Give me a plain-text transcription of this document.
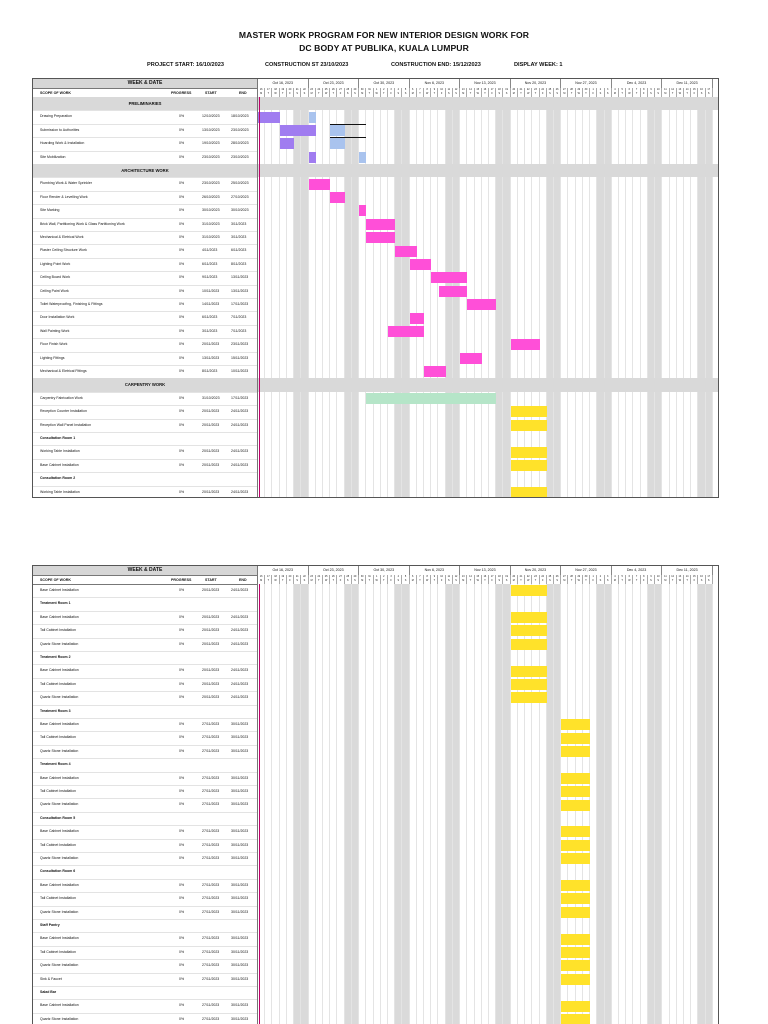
MASTER WORK PROGRAM FOR NEW INTERIOR DESIGN WORK FOR
DC BODY AT PUBLIKA, KUALA LUMPUR
PROJECT START: 16/10/2023	CONSTRUCTION ST 23/10/2023	CONSTRUCTION END: 15/12/2023	DISPLAY WEEK: 1
WEEK & DATE
SCOPE OF WORK	PROGRESS	START	END
PRELIMINARIES
Drawing Preparation	0%	12/10/2023	18/10/2023
Submission to Authorities	0%	13/10/2023	23/10/2023
Hoarding Work & Installation	0%	19/10/2023	28/10/2023
Site Mobilization	0%	23/10/2023	23/10/2023
ARCHITECTURE WORK
Plumbing Work & Water Sprinkler	0%	23/10/2023	25/10/2023
Floor Render & Levelling Work	0%	26/10/2023	27/10/2023
Site Marking	0%	30/10/2023	30/10/2023
Brick Wall, Partitioning Work & Glass Partitioning Work	0%	31/10/2023	3/11/2023
Mechanical & Eletrical Work	0%	31/10/2023	3/11/2023
Plaster Ceiling Structure Work	0%	4/11/2023	6/11/2023
Lighting Point Work	0%	6/11/2023	8/11/2023
Ceiling Board Work	0%	9/11/2023	13/11/2023
Ceiling Paint Work	0%	10/11/2023	13/11/2023
Toilet Waterproofing, Finishing & Fittings	0%	14/11/2023	17/11/2023
Door Installation Work	0%	6/11/2023	7/11/2023
Wall Painting Work	0%	3/11/2023	7/11/2023
Floor Finish Work	0%	20/11/2023	23/11/2023
Lighting Fittings	0%	13/11/2023	15/11/2023
Mechanical & Eletrical Fittings	0%	8/11/2023	10/11/2023
CARPENTRY WORK
Carpentry Fabrication Work	0%	31/10/2023	17/11/2023
Reception Counter Installation	0%	20/11/2023	24/11/2023
Reception Wall Panel Installation	0%	20/11/2023	24/11/2023
Consultation Room 1
Working Table Installation	0%	20/11/2023	24/11/2023
Base Cabinet Installation	0%	20/11/2023	24/11/2023
Consultation Room 2
Working Table Installation	0%	20/11/2023	24/11/2023
Oct 16, 2023	Oct 23, 2023	Oct 30, 2023	Nov 6, 2023	Nov 13, 2023	Nov 20, 2023	Nov 27, 2023	Dec 4, 2023	Dec 11, 2023
16
M
17
T
18
W
19
T
20
F
21
S
22
S
23
M
24
T
25
W
26
T
27
F
28
S
29
S
30
M
31
T
1
W
2
T
3
F
4
S
5
S
6
M
7
T
8
W
9
T
10
F
11
S
12
S
13
M
14
T
15
W
16
T
17
F
18
S
19
S
20
M
21
T
22
W
23
T
24
F
25
S
26
S
27
M
28
T
29
W
30
T
1
F
2
S
3
S
4
M
5
T
6
W
7
T
8
F
9
S
10
S
11
M
12
T
13
W
14
T
15
F
16
S
17
S
WEEK & DATE
SCOPE OF WORK	PROGRESS	START	END
Base Cabinet Installation	0%	20/11/2023	24/11/2023
Treatment Room 1
Base Cabinet Installation	0%	20/11/2023	24/11/2023
Tall Cabinet Installation	0%	20/11/2023	24/11/2023
Quartz Stone Installation	0%	20/11/2023	24/11/2023
Treatment Room 2
Base Cabinet Installation	0%	20/11/2023	24/11/2023
Tall Cabinet Installation	0%	20/11/2023	24/11/2023
Quartz Stone Installation	0%	20/11/2023	24/11/2023
Treatment Room 3
Base Cabinet Installation	0%	27/11/2023	30/11/2023
Tall Cabinet Installation	0%	27/11/2023	30/11/2023
Quartz Stone Installation	0%	27/11/2023	30/11/2023
Treatment Room 4
Base Cabinet Installation	0%	27/11/2023	30/11/2023
Tall Cabinet Installation	0%	27/11/2023	30/11/2023
Quartz Stone Installation	0%	27/11/2023	30/11/2023
Consultation Room 5
Base Cabinet Installation	0%	27/11/2023	30/11/2023
Tall Cabinet Installation	0%	27/11/2023	30/11/2023
Quartz Stone Installation	0%	27/11/2023	30/11/2023
Consultation Room 6
Base Cabinet Installation	0%	27/11/2023	30/11/2023
Tall Cabinet Installation	0%	27/11/2023	30/11/2023
Quartz Stone Installation	0%	27/11/2023	30/11/2023
Staff Pantry
Base Cabinet Installation	0%	27/11/2023	30/11/2023
Tall Cabinet Installation	0%	27/11/2023	30/11/2023
Quartz Stone Installation	0%	27/11/2023	30/11/2023
Sink & Faucet	0%	27/11/2023	30/11/2023
Salad Bar
Base Cabinet Installation	0%	27/11/2023	30/11/2023
Quartz Stone Installation	0%	27/11/2023	30/11/2023
Oct 16, 2023	Oct 23, 2023	Oct 30, 2023	Nov 6, 2023	Nov 13, 2023	Nov 20, 2023	Nov 27, 2023	Dec 4, 2023	Dec 11, 2023
16
M
17
T
18
W
19
T
20
F
21
S
22
S
23
M
24
T
25
W
26
T
27
F
28
S
29
S
30
M
31
T
1
W
2
T
3
F
4
S
5
S
6
M
7
T
8
W
9
T
10
F
11
S
12
S
13
M
14
T
15
W
16
T
17
F
18
S
19
S
20
M
21
T
22
W
23
T
24
F
25
S
26
S
27
M
28
T
29
W
30
T
1
F
2
S
3
S
4
M
5
T
6
W
7
T
8
F
9
S
10
S
11
M
12
T
13
W
14
T
15
F
16
S
17
S
